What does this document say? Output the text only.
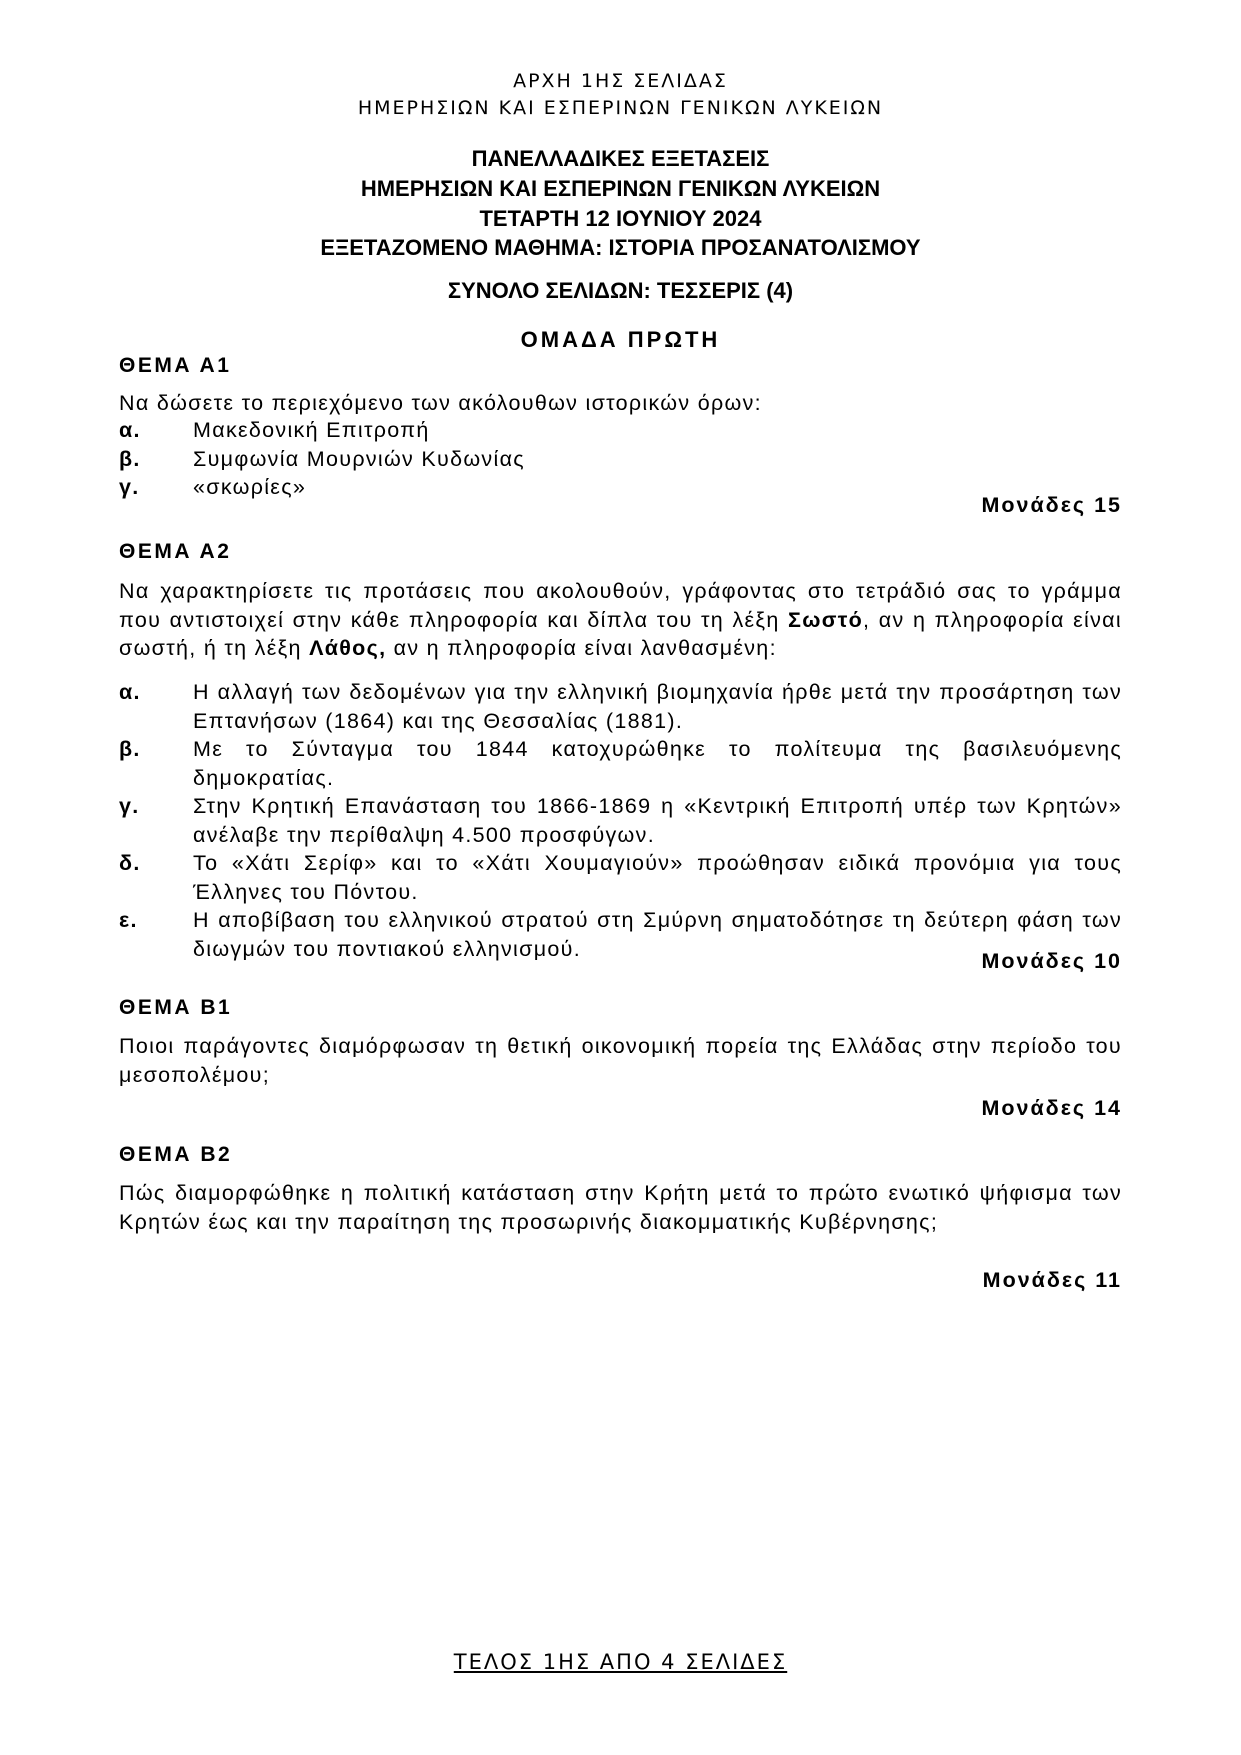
ΑΡΧΗ 1ΗΣ ΣΕΛΙΔΑΣ
ΗΜΕΡΗΣΙΩΝ ΚΑΙ ΕΣΠΕΡΙΝΩΝ ΓΕΝΙΚΩΝ ΛΥΚΕΙΩΝ
ΠΑΝΕΛΛΑΔΙΚΕΣ ΕΞΕΤΑΣΕΙΣ
ΗΜΕΡΗΣΙΩΝ ΚΑΙ ΕΣΠΕΡΙΝΩΝ ΓΕΝΙΚΩΝ ΛΥΚΕΙΩΝ
ΤΕΤΑΡΤΗ 12 ΙΟΥΝΙΟΥ 2024
ΕΞΕΤΑΖΟΜΕΝΟ ΜΑΘΗΜΑ: ΙΣΤΟΡΙΑ ΠΡΟΣΑΝΑΤΟΛΙΣΜΟΥ
ΣΥΝΟΛΟ ΣΕΛΙΔΩΝ: ΤΕΣΣΕΡΙΣ (4)
ΟΜΑΔΑ ΠΡΩΤΗ
ΘΕΜΑ Α1
Να δώσετε το περιεχόμενο των ακόλουθων ιστορικών όρων:
α. Μακεδονική Επιτροπή
β. Συμφωνία Μουρνιών Κυδωνίας
γ. «σκωρίες»
Μονάδες 15
ΘΕΜΑ Α2
Να χαρακτηρίσετε τις προτάσεις που ακολουθούν, γράφοντας στο τετράδιό σας το γράμμα που αντιστοιχεί στην κάθε πληροφορία και δίπλα του τη λέξη Σωστό, αν η πληροφορία είναι σωστή, ή τη λέξη Λάθος, αν η πληροφορία είναι λανθασμένη:
α. Η αλλαγή των δεδομένων για την ελληνική βιομηχανία ήρθε μετά την προσάρτηση των Επτανήσων (1864) και της Θεσσαλίας (1881).
β. Με το Σύνταγμα του 1844 κατοχυρώθηκε το πολίτευμα της βασιλευόμενης δημοκρατίας.
γ. Στην Κρητική Επανάσταση του 1866-1869 η «Κεντρική Επιτροπή υπέρ των Κρητών» ανέλαβε την περίθαλψη 4.500 προσφύγων.
δ. Το «Χάτι Σερίφ» και το «Χάτι Χουμαγιούν» προώθησαν ειδικά προνόμια για τους Έλληνες του Πόντου.
ε.	Η αποβίβαση του ελληνικού στρατού στη Σμύρνη σηματοδότησε τη δεύτερη φάση των διωγμών του ποντιακού ελληνισμού.
Μονάδες 10
ΘΕΜΑ Β1
Ποιοι παράγοντες διαμόρφωσαν τη θετική οικονομική πορεία της Ελλάδας στην περίοδο του μεσοπολέμου;
Μονάδες 14
ΘΕΜΑ Β2
Πώς διαμορφώθηκε η πολιτική κατάσταση στην Κρήτη μετά το πρώτο ενωτικό ψήφισμα των Κρητών έως και την παραίτηση της προσωρινής διακομματικής Κυβέρνησης;
Μονάδες 11
ΤΕΛΟΣ 1ΗΣ ΑΠΟ 4 ΣΕΛΙΔΕΣ
